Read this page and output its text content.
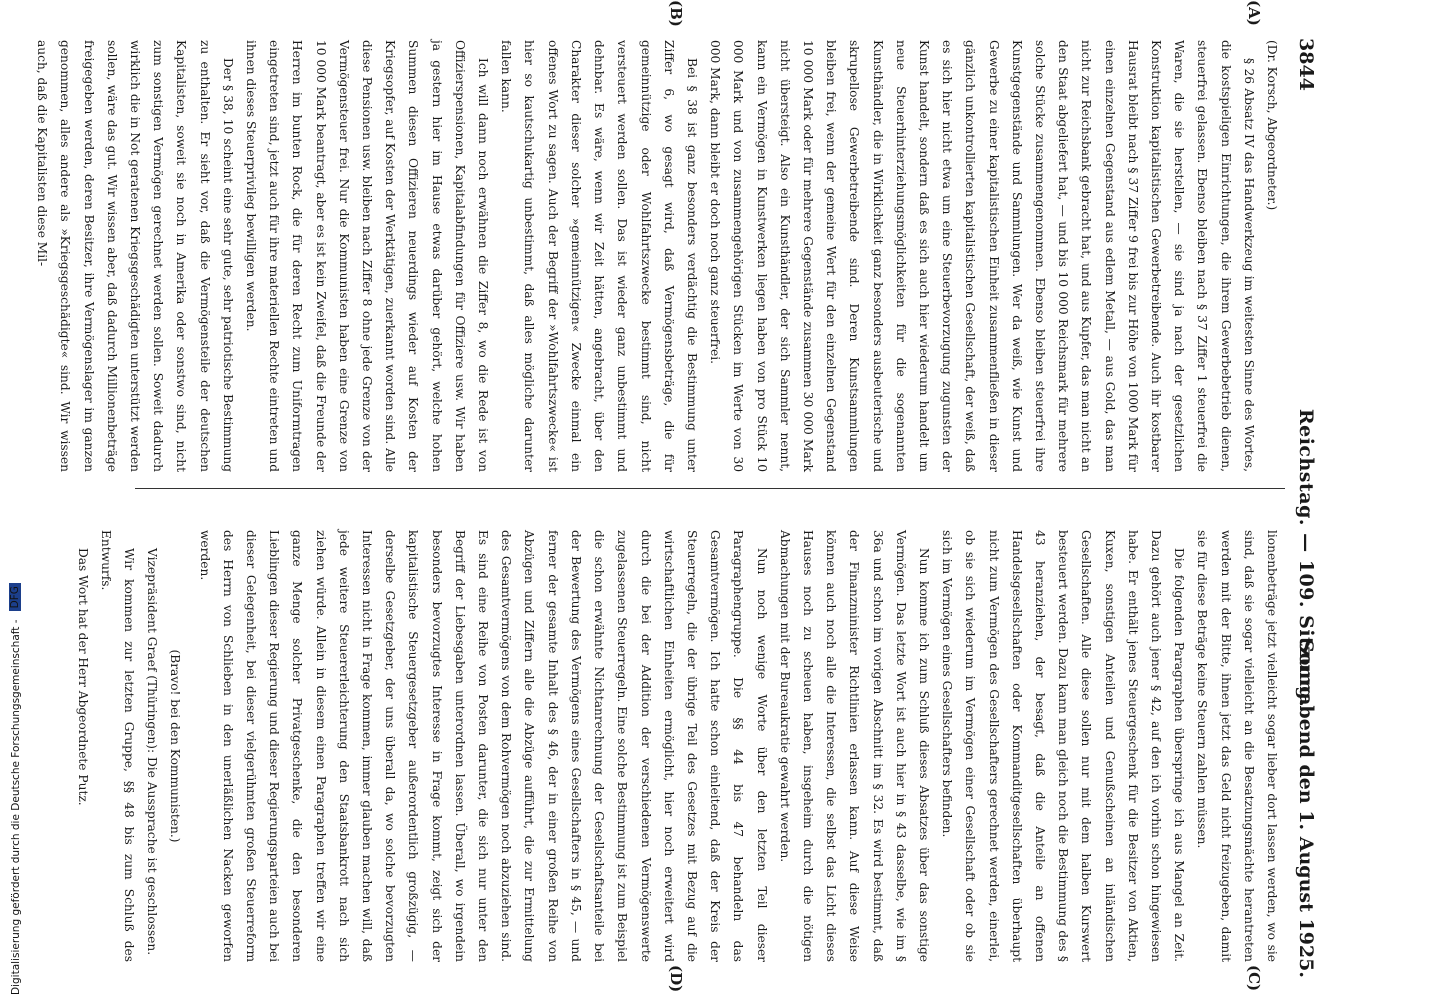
3844
Reichstag. — 109. Sitzung.
Sonnabend den 1. August 1925.
(A)
(B)
(C)
(D)

(Dr. Korsch, Abgeordneter.)

§ 26 Absatz IV das Handwerkzeug im weitesten Sinne des Wortes, die kostspieligen Einrichtungen, die ihrem Gewerbebetrieb dienen, steuerfrei gelassen. Ebenso bleiben nach § 37 Ziffer 1 steuerfrei die Waren, die sie herstellen, — sie sind ja nach der gesetzlichen Konstruktion kapitalistischen Gewerbetreibende. Auch ihr kostbarer Hausrat bleibt nach § 37 Ziffer 9 frei bis zur Höhe von 1000 Mark für einen einzelnen Gegenstand aus edlem Metall, — aus Gold, das man nicht zur Reichsbank gebracht hat, und aus Kupfer, das man nicht an den Staat abgeliefert hat, — und bis 10 000 Reichsmark für mehrere solche Stücke zusammengenommen. Ebenso bleiben steuerfrei ihre Kunstgegenstände und Sammlungen. Wer da weiß, wie Kunst und Gewerbe zu einer kapitalistischen Einheit zusammenfließen in dieser gänzlich unkontrollierten kapitalistischen Gesellschaft, der weiß, daß es sich hier nicht etwa um eine Steuerbevorzugung zugunsten der Kunst handelt, sondern daß es sich auch hier wiederum handelt um neue Steuerhinterziehungsmöglichkeiten für die sogenannten Kunsthändler, die in Wirklichkeit ganz besonders ausbeuterische und skrupellose Gewerbetreibende sind. Deren Kunstsammlungen bleiben frei, wenn der gemeine Wert für den einzelnen Gegenstand 10 000 Mark oder für mehrere Gegenstände zusammen 30 000 Mark nicht übersteigt. Also ein Kunsthändler, der sich Sammler nennt, kann ein Vermögen in Kunstwerken liegen haben von pro Stück 10 000 Mark und von zusammengehörigen Stücken im Werte von 30 000 Mark, dann bleibt er doch noch ganz steuerfrei.

Bei § 38 ist ganz besonders verdächtig die Bestimmung unter Ziffer 6, wo gesagt wird, daß Vermögensbeträge, die für gemeinnützige oder Wohlfahrtszwecke bestimmt sind, nicht versteuert werden sollen. Das ist wieder ganz unbestimmt und dehnbar. Es wäre, wenn wir Zeit hätten, angebracht, über den Charakter dieser solcher »gemeinnützigen« Zwecke einmal ein offenes Wort zu sagen. Auch der Begriff der »Wohlfahrtszwecke« ist hier so kautschukartig unbestimmt, daß alles mögliche darunter fallen kann.

Ich will dann noch erwähnen die Ziffer 8, wo die Rede ist von Offizierspensionen, Kapitalabfindungen für Offiziere usw. Wir haben ja gestern hier im Hause etwas darüber gehört, welche hohen Summen diesen Offizieren neuerdings wieder auf Kosten der Kriegsopfer, auf Kosten der Werktätigen, zuerkannt worden sind. Alle diese Pensionen usw. bleiben nach Ziffer 8 ohne jede Grenze von der Vermögensteuer frei. Nur die Kommunisten haben eine Grenze von 10 000 Mark beantragt, aber es ist kein Zweifel, daß die Freunde der Herren im bunten Rock, die für deren Recht zum Uniformtragen eingetreten sind, jetzt auch für ihre materiellen Rechte eintreten und ihnen dieses Steuerprivileg bewilligen werden.

Der § 38, 10 scheint eine sehr gute, sehr patriotische Bestimmung zu enthalten. Er sieht vor, daß die Vermögensteile der deutschen Kapitalisten, soweit sie noch in Amerika oder sonstwo sind, nicht zum sonstigen Vermögen gerechnet werden sollen. Soweit dadurch wirklich die in Not geratenen Kriegsgeschädigten unterstützt werden sollen, wäre das gut. Wir wissen aber, daß dadurch Millionenbeträge freigegeben werden, deren Besitzer, ihre Vermögenslager im ganzen genommen, alles andere als »Kriegsgeschädigte« sind. Wir wissen auch, daß die Kapitalisten diese Mil-

lionenbeträge jetzt vielleicht sogar lieber dort lassen werden, wo sie sind, daß sie sogar vielleicht an die Besatzungsmächte herantreten werden mit der Bitte, ihnen jetzt das Geld nicht freizugeben, damit sie für diese Beträge keine Steuern zahlen müssen.

Die folgenden Paragraphen überspringe ich aus Mangel an Zeit. Dazu gehört auch jener § 42, auf den ich vorhin schon hingewiesen habe. Er enthält jenes Steuergeschenk für die Besitzer von Aktien, Kuxen, sonstigen Anteilen und Genußscheinen an inländischen Gesellschaften. Alle diese sollen nur mit dem halben Kurswert besteuert werden. Dazu kann man gleich noch die Bestimmung des § 43 heranziehen, der besagt, daß die Anteile an offenen Handelsgesellschaften oder Kommanditgesellschaften überhaupt nicht zum Vermögen des Gesellschafters gerechnet werden, einerlei, ob sie sich wiederum im Vermögen einer Gesellschaft oder ob sie sich im Vermögen eines Gesellschafters befinden.

Nun komme ich zum Schluß dieses Absatzes über das sonstige Vermögen. Das letzte Wort ist auch hier in § 43 dasselbe, wie im § 36a und schon im vorigen Abschnitt im § 32. Es wird bestimmt, daß der Finanzminister Richtlinien erlassen kann. Auf diese Weise können auch noch alle die Interessen, die selbst das Licht dieses Hauses noch zu scheuen haben, insgeheim durch die nötigen Abmachungen mit der Bureaukratie gewahrt werden.

Nun noch wenige Worte über den letzten Teil dieser Paragraphengruppe. Die §§ 44 bis 47 behandeln das Gesamtvermögen. Ich hatte schon einleitend, daß der Kreis der Steuerregeln, die der übrige Teil des Gesetzes mit Bezug auf die wirtschaftlichen Einheiten ermöglicht, hier noch erweitert wird durch die bei der Addition der verschiedenen Vermögenswerte zugelassenen Steuerregeln. Eine solche Bestimmung ist zum Beispiel die schon erwähnte Nichtanrechnung der Gesellschaftsanteile bei der Bewertung des Vermögens eines Gesellschafters in § 45, — und ferner der gesamte Inhalt des § 46, der in einer großen Reihe von Abzügen und Ziffern alle die Abzüge aufführt, die zur Ermittelung des Gesamtvermögens von dem Rohvermögen noch abzuziehen sind. Es sind eine Reihe von Posten darunter, die sich nur unter den Begriff der Liebesgaben unterordnen lassen. Überall, wo irgendein besonders bevorzugtes Interesse in Frage kommt, zeigt sich der kapitalistische Steuergesetzgeber außerordentlich großzügig, — derselbe Gesetzgeber, der uns überall da, wo solche bevorzugten Interessen nicht in Frage kommen, immer glauben machen will, daß jede weitere Steuererleichterung den Staatsbankrott nach sich ziehen würde. Allein in diesem einen Paragraphen treffen wir eine ganze Menge solcher Privatgeschenke, die den besonderen Lieblingen dieser Regierung und dieser Regierungsparteien auch bei dieser Gelegenheit, bei dieser vielgerühmten großen Steuerreform des Herrn von Schlieben in den unerläßlichen Nacken geworfen werden.

(Bravo! bei den Kommunisten.)

Vizepräsident Graef (Thüringen): Die Aussprache ist geschlossen.

Wir kommen zur letzten Gruppe, §§ 48 bis zum Schluß des Entwurfs.

Das Wort hat der Herr Abgeordnete Putz.

Digitalisierung gefördert durch die Deutsche Forschungsgemeinschaft - DFG
